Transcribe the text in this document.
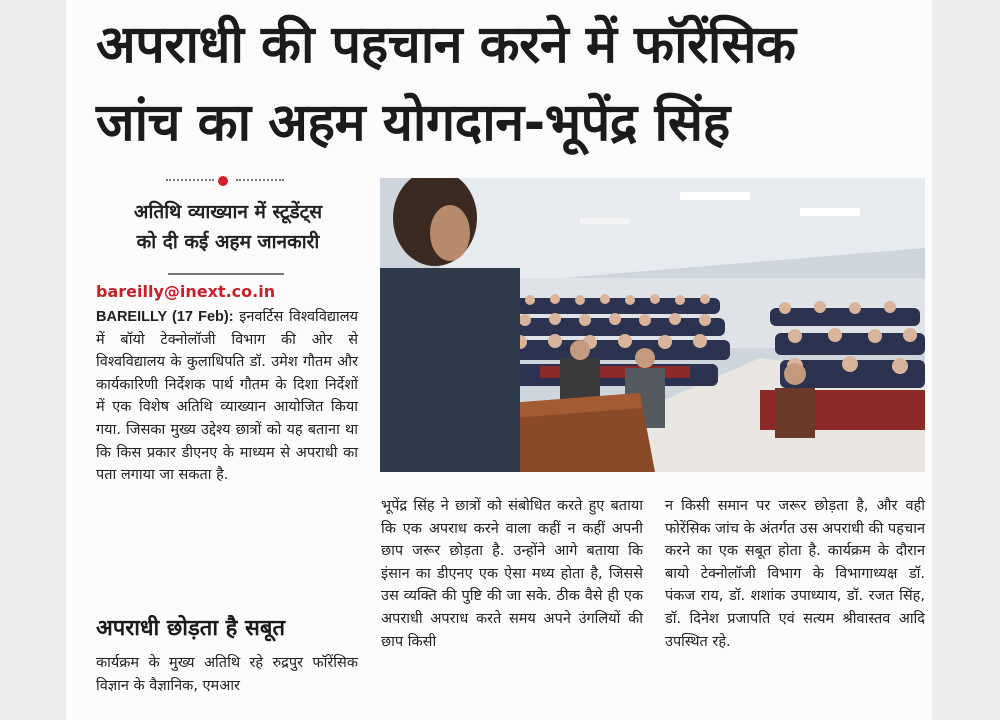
अपराधी की पहचान करने में फॉरेंसिक
जांच का अहम योगदान-भूपेंद्र सिंह

अतिथि व्याख्यान में स्टूडेंट्स

को दी कई अहम जानकारी

bareilly@inext.co.in

BAREILLY (17 Feb): इनवर्टिस विश्वविद्यालय में बॉयो टेक्नोलॉजी विभाग की ओर से विश्वविद्यालय के कुलाधिपति डॉ. उमेश गौतम और कार्यकारिणी निर्देशक पार्थ गौतम के दिशा निर्देशों में एक विशेष अतिथि व्याख्यान आयोजित किया गया. जिसका मुख्य उद्देश्य छात्रों को यह बताना था कि किस प्रकार डीएनए के माध्यम से अपराधी का पता लगाया जा सकता है.

अपराधी छोड़ता है सबूत

कार्यक्रम के मुख्य अतिथि रहे रुद्रपुर फॉरेंसिक विज्ञान के वैज्ञानिक, एमआर

भूपेंद्र सिंह ने छात्रों को संबोधित करते हुए बताया कि एक अपराध करने वाला कहीं न कहीं अपनी छाप जरूर छोड़ता है. उन्होंने आगे बताया कि इंसान का डीएनए एक ऐसा मध्य होता है, जिससे उस व्यक्ति की पुष्टि की जा सके. ठीक वैसे ही एक अपराधी अपराध करते समय अपने उंगलियों की छाप किसी

न किसी समान पर जरूर छोड़ता है, और वही फोरेंसिक जांच के अंतर्गत उस अपराधी की पहचान करने का एक सबूत होता है. कार्यक्रम के दौरान बायो टेक्नोलॉजी विभाग के विभागाध्यक्ष डॉ. पंकज राय, डॉ. शशांक उपाध्याय, डॉ. रजत सिंह, डॉ. दिनेश प्रजापति एवं सत्यम श्रीवास्तव आदि उपस्थित रहे.
